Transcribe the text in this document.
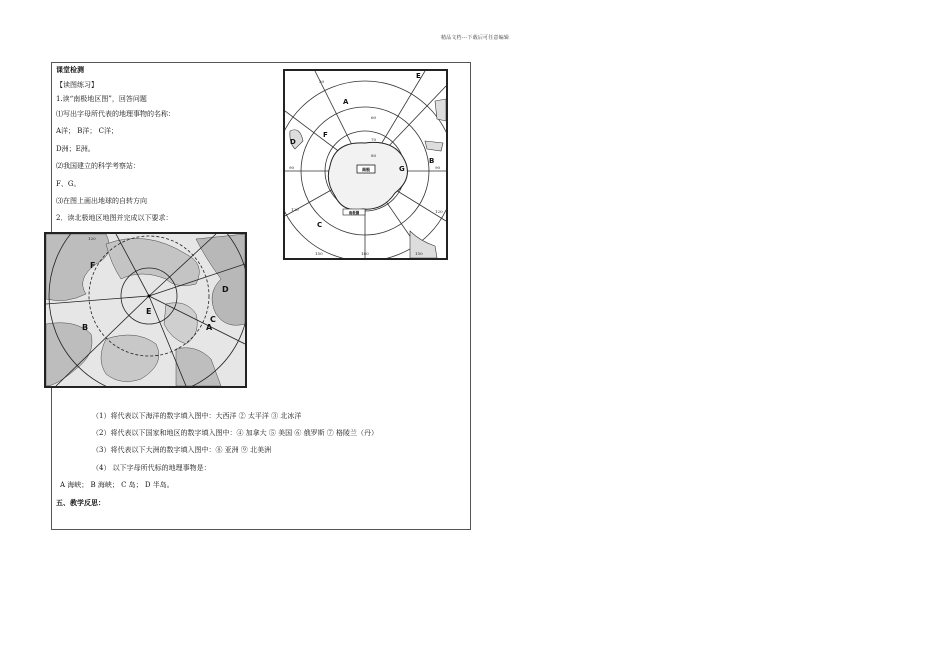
精品文档---下载后可任意编辑
课堂检测
【读图练习】
1.读“南极地区图”，回答问题
⑴写出字母所代表的地理事物的名称：
A洋； B洋； C洋；
D洲；E洲。
⑵我国建立的科学考察站：
F、G。
⑶在图上画出地球的自转方向
2．读北极地区地图并完成以下要求：
南极
南极圈
A
B
C
D
E
F
G
30
60
70
80
90	90
120	120
150	180	150
A
B
C
D
E
F
120
（1）将代表以下海洋的数字填入图中：大西洋 ② 太平洋 ③ 北冰洋
（2）将代表以下国家和地区的数字填入图中：④ 加拿大 ⑤ 美国 ⑥ 俄罗斯 ⑦ 格陵兰（丹）
（3）将代表以下大洲的数字填入图中：⑧ 亚洲 ⑨ 北美洲
（4） 以下字母所代标的地理事物是：
A 海峡； B 海峡； C 岛； D 半岛。
五、教学反思：
